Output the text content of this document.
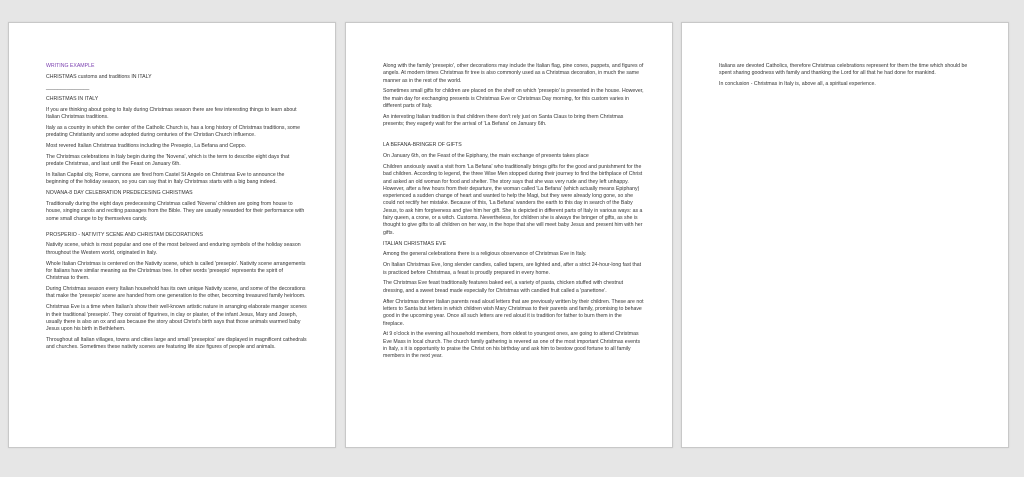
WRITING EXAMPLE

CHRISTMAS customs and traditions IN ITALY

_______________

CHRISTMAS IN ITALY

If you are thinking about going to Italy during Christmas season there are few interesting things to learn about Italian Christmas traditions.

Italy as a country in which the center of the Catholic Church is, has a long history of Christmas traditions, some predating Christianity and some adopted during centuries of the Christian Church influence.

Most revered Italian Christmas traditions including the Presepio, La Befana and Ceppo.

The Christmas celebrations in Italy begin during the 'Novena', which is the term to describe eight days that predate Christmas, and last until the Feast on January 6th.

In Italian Capital city, Rome, cannons are fired from Castel St Angelo on Christmas Eve to announce the beginning of the holiday season, so you can say that in Italy Christmas starts with a big bang indeed.

NOVANA-8 DAY CELEBRATION PREDECESING CHRISTMAS

Traditionally during the eight days predecessing Christmas called 'Novena' children are going from house to house, singing carols and reciting passages from the Bible. They are usually rewarded for their performance with some small change to by themselves candy.

PROSPERIO - NATIVITY SCENE AND CHRISTAM DECORATIONS

Nativity scene, which is most popular and one of the most beloved and enduring symbols of the holiday season throughout the Western world, originated in Italy.

Whole Italian Christmas is centered on the Nativity scene, which is called 'presepio'. Nativity scene arrangements for Italians have similar meaning as the Christmas tree. In other words 'presepio' represents the spirit of Christmas to them.

During Christmas season every Italian household has its own unique Nativity scene, and some of the decorations that make the 'presepio' scene are handed from one generation to the other, becoming treasured family heirloom.

Christmas Eve is a time when Italian's show their well-known artistic nature in arranging elaborate manger scenes in their traditional 'presepio'. They consist of figurines, in clay or plaster, of the infant Jesus, Mary and Joseph, usually there is also an ox and ass because the story about Christ's birth says that those animals warmed baby Jesus upon his birth in Bethlehem.

Throughout all Italian villages, towns and cities large and small 'presepios' are displayed in magnificent cathedrals and churches. Sometimes these nativity scenes are featuring life size figures of people and animals.

Along with the family 'presepio', other decorations may include the Italian flag, pine cones, puppets, and figures of angels. At modern times Christmas fir tree is also commonly used as a Christmas decoration, in much the same manner as in the rest of the world.

Sometimes small gifts for children are placed on the shelf on which 'presepio' is presented in the house. However, the main day for exchanging presents is Christmas Eve or Christmas Day morning, for this custom varies in different parts of Italy.

An interesting Italian tradition is that children there don't rely just on Santa Claus to bring them Christmas presents; they eagerly wait for the arrival of 'La Befana' on January 6th.

LA BEFANA-BRINGER OF GIFTS

On January 6th, on the Feast of the Epiphany, the main exchange of presents takes place

Children anxiously await a visit from 'La Befana' who traditionally brings gifts for the good and punishment for the bad children. According to legend, the three Wise Men stopped during their journey to find the birthplace of Christ and asked an old woman for food and shelter. The story says that she was very rude and they left unhappy. However, after a few hours from their departure, the woman called 'La Befana' (which actually means Epiphany) experienced a sudden change of heart and wanted to help the Magi, but they were already long gone, so she could not rectify her mistake. Because of this, 'La Befana' wanders the earth to this day in search of the Baby Jesus, to ask him forgiveness and give him her gift. She is depicted in different parts of Italy in various ways: as a fairy queen, a crone, or a witch. Customs. Nevertheless, for children she is always the bringer of gifts, as she is thought to give gifts to all children on her way, in the hope that she will meet baby Jesus and present him with her gifts.

ITALIAN CHRISTMAS EVE

Among the general celebrations there is a religious observance of Christmas Eve in Italy.

On Italian Christmas Eve, long slender candles, called tapers, are lighted and, after a strict 24-hour-long fast that is practiced before Christmas, a feast is proudly prepared in every home.

The Christmas Eve feast traditionally features baked eel, a variety of pasta, chicken stuffed with chestnut dressing, and a sweet bread made especially for Christmas with candied fruit called a 'panettone'.

After Christmas dinner Italian parents read aloud letters that are previously written by their children. These are not letters to Santa but letters in which children wish Mary Christmas to their parents and family, promising to behave good in the upcoming year. Once all such letters are red aloud it is tradition for father to burn them in the fireplace.

At 9 o'clock in the evening all household members, from oldest to youngest ones, are going to attend Christmas Eve Mass in local church. The church family gathering is revered as one of the most important Christmas events in Italy, s it is opportunity to praise the Christ on his birthday and ask him to bestow good fortune to all family members in the next year.

Italians are devoted Catholics, therefore Christmas celebrations represent for them the time which should be spent sharing goodness with family and thanking the Lord for all that he had done for mankind.

In conclusion - Christmas in Italy is, above all, a spiritual experience.
